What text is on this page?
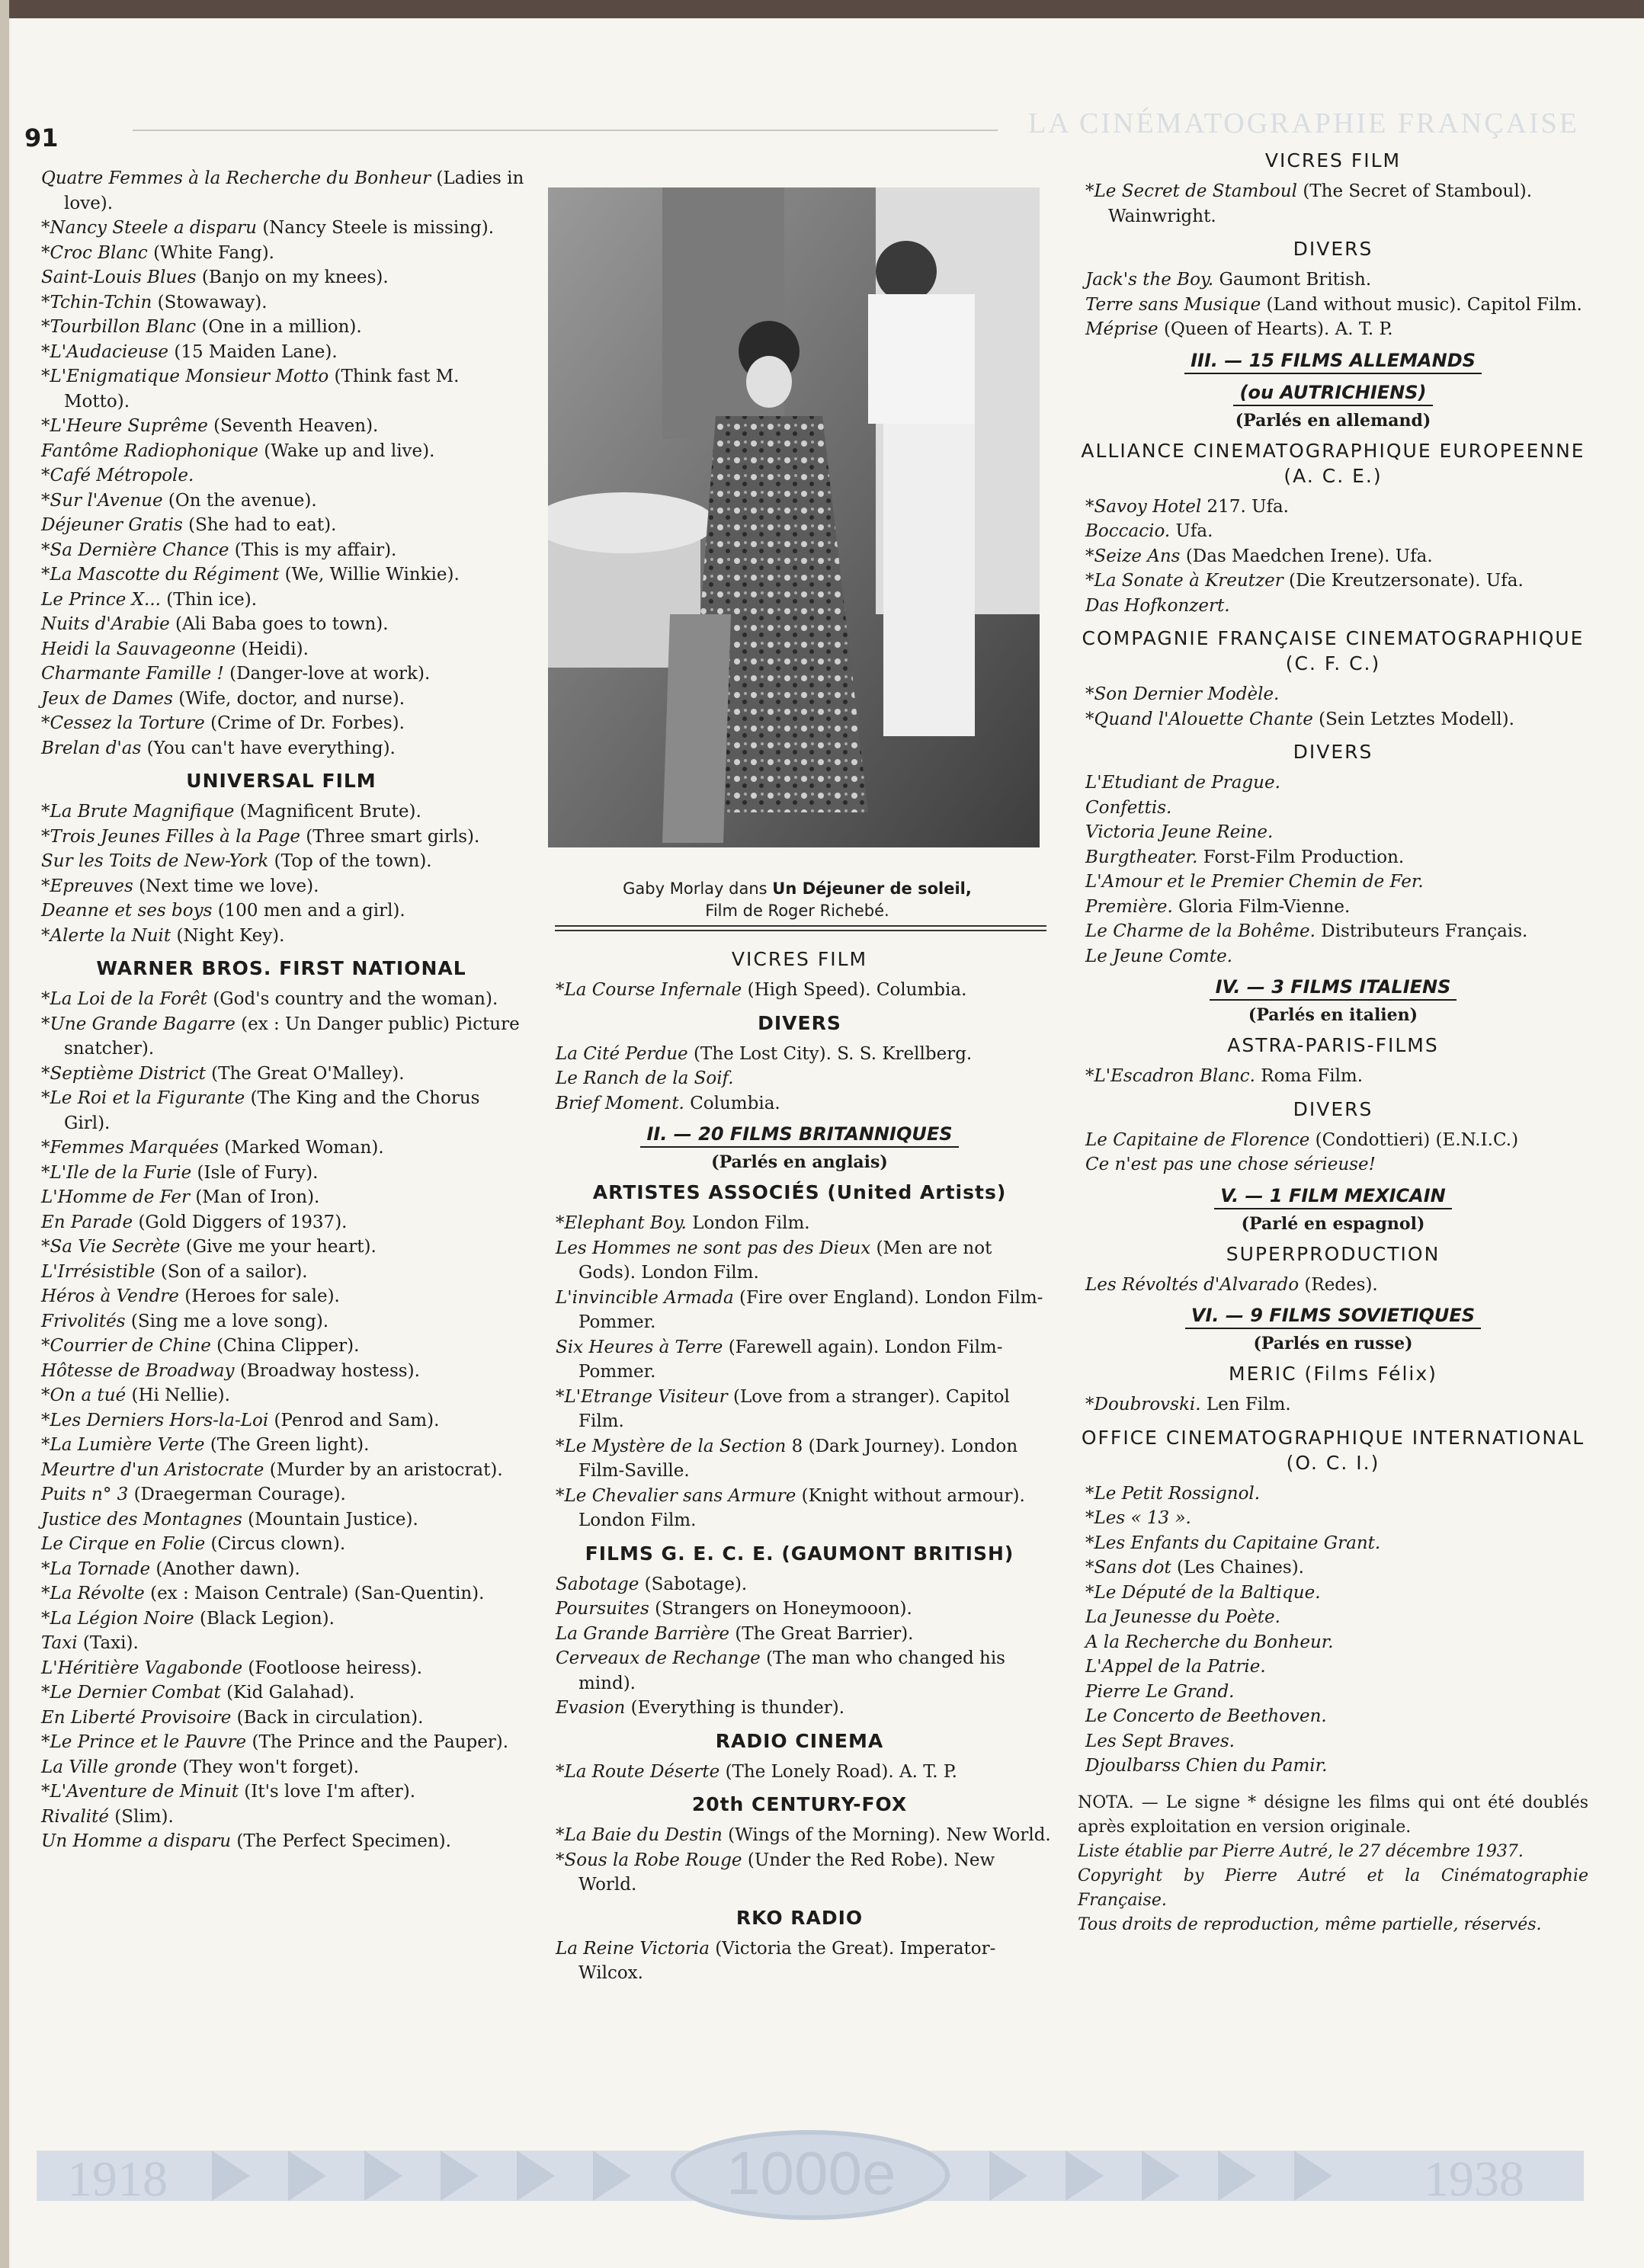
91	LA CINÉMATOGRAPHIE FRANÇAISE

Quatre Femmes à la Recherche du Bonheur (Ladies in love).

*Nancy Steele a disparu (Nancy Steele is missing).

*Croc Blanc (White Fang).

Saint-Louis Blues (Banjo on my knees).

*Tchin-Tchin (Stowaway).

*Tourbillon Blanc (One in a million).

*L'Audacieuse (15 Maiden Lane).

*L'Enigmatique Monsieur Motto (Think fast M. Motto).

*L'Heure Suprême (Seventh Heaven).

Fantôme Radiophonique (Wake up and live).

*Café Métropole.

*Sur l'Avenue (On the avenue).

Déjeuner Gratis (She had to eat).

*Sa Dernière Chance (This is my affair).

*La Mascotte du Régiment (We, Willie Winkie).

Le Prince X... (Thin ice).

Nuits d'Arabie (Ali Baba goes to town).

Heidi la Sauvageonne (Heidi).

Charmante Famille ! (Danger-love at work).

Jeux de Dames (Wife, doctor, and nurse).

*Cessez la Torture (Crime of Dr. Forbes).

Brelan d'as (You can't have everything).

UNIVERSAL FILM

*La Brute Magnifique (Magnificent Brute).

*Trois Jeunes Filles à la Page (Three smart girls).

Sur les Toits de New-York (Top of the town).

*Epreuves (Next time we love).

Deanne et ses boys (100 men and a girl).

*Alerte la Nuit (Night Key).

WARNER BROS. FIRST NATIONAL

*La Loi de la Forêt (God's country and the woman).

*Une Grande Bagarre (ex : Un Danger public) Picture snatcher).

*Septième District (The Great O'Malley).

*Le Roi et la Figurante (The King and the Chorus Girl).

*Femmes Marquées (Marked Woman).

*L'Ile de la Furie (Isle of Fury).

L'Homme de Fer (Man of Iron).

En Parade (Gold Diggers of 1937).

*Sa Vie Secrète (Give me your heart).

L'Irrésistible (Son of a sailor).

Héros à Vendre (Heroes for sale).

Frivolités (Sing me a love song).

*Courrier de Chine (China Clipper).

Hôtesse de Broadway (Broadway hostess).

*On a tué (Hi Nellie).

*Les Derniers Hors-la-Loi (Penrod and Sam).

*La Lumière Verte (The Green light).

Meurtre d'un Aristocrate (Murder by an aristocrat).

Puits n° 3 (Draegerman Courage).

Justice des Montagnes (Mountain Justice).

Le Cirque en Folie (Circus clown).

*La Tornade (Another dawn).

*La Révolte (ex : Maison Centrale) (San-Quentin).

*La Légion Noire (Black Legion).

Taxi (Taxi).

L'Héritière Vagabonde (Footloose heiress).

*Le Dernier Combat (Kid Galahad).

En Liberté Provisoire (Back in circulation).

*Le Prince et le Pauvre (The Prince and the Pauper).

La Ville gronde (They won't forget).

*L'Aventure de Minuit (It's love I'm after).

Rivalité (Slim).

Un Homme a disparu (The Perfect Specimen).

Gaby Morlay dans Un Déjeuner de soleil,
Film de Roger Richebé.
VICRES FILM

*La Course Infernale (High Speed). Columbia.

DIVERS

La Cité Perdue (The Lost City). S. S. Krellberg.

Le Ranch de la Soif.

Brief Moment. Columbia.

II. — 20 FILMS BRITANNIQUES
(Parlés en anglais)
ARTISTES ASSOCIÉS (United Artists)

*Elephant Boy. London Film.

Les Hommes ne sont pas des Dieux (Men are not Gods). London Film.

L'invincible Armada (Fire over England). London Film-Pommer.

Six Heures à Terre (Farewell again). London Film-Pommer.

*L'Etrange Visiteur (Love from a stranger). Capitol Film.

*Le Mystère de la Section 8 (Dark Journey). London Film-Saville.

*Le Chevalier sans Armure (Knight without armour). London Film.

FILMS G. E. C. E. (GAUMONT BRITISH)

Sabotage (Sabotage).

Poursuites (Strangers on Honeymooon).

La Grande Barrière (The Great Barrier).

Cerveaux de Rechange (The man who changed his mind).

Evasion (Everything is thunder).

RADIO CINEMA

*La Route Déserte (The Lonely Road). A. T. P.

20th CENTURY-FOX

*La Baie du Destin (Wings of the Morning). New World.

*Sous la Robe Rouge (Under the Red Robe). New World.

RKO RADIO

La Reine Victoria (Victoria the Great). Imperator-Wilcox.

VICRES FILM

*Le Secret de Stamboul (The Secret of Stamboul). Wainwright.

DIVERS

Jack's the Boy. Gaumont British.

Terre sans Musique (Land without music). Capitol Film.

Méprise (Queen of Hearts). A. T. P.

III. — 15 FILMS ALLEMANDS
(ou AUTRICHIENS)
(Parlés en allemand)
ALLIANCE CINEMATOGRAPHIQUE EUROPEENNE (A. C. E.)

*Savoy Hotel 217. Ufa.

Boccacio. Ufa.

*Seize Ans (Das Maedchen Irene). Ufa.

*La Sonate à Kreutzer (Die Kreutzersonate). Ufa.

Das Hofkonzert.

COMPAGNIE FRANÇAISE CINEMATOGRAPHIQUE (C. F. C.)

*Son Dernier Modèle.

*Quand l'Alouette Chante (Sein Letztes Modell).

DIVERS

L'Etudiant de Prague.

Confettis.

Victoria Jeune Reine.

Burgtheater. Forst-Film Production.

L'Amour et le Premier Chemin de Fer.

Première. Gloria Film-Vienne.

Le Charme de la Bohême. Distributeurs Français.

Le Jeune Comte.

IV. — 3 FILMS ITALIENS
(Parlés en italien)
ASTRA-PARIS-FILMS

*L'Escadron Blanc. Roma Film.

DIVERS

Le Capitaine de Florence (Condottieri) (E.N.I.C.)

Ce n'est pas une chose sérieuse!

V. — 1 FILM MEXICAIN
(Parlé en espagnol)
SUPERPRODUCTION

Les Révoltés d'Alvarado (Redes).

VI. — 9 FILMS SOVIETIQUES
(Parlés en russe)
MERIC (Films Félix)

*Doubrovski. Len Film.

OFFICE CINEMATOGRAPHIQUE INTERNATIONAL (O. C. I.)

*Le Petit Rossignol.

*Les « 13 ».

*Les Enfants du Capitaine Grant.

*Sans dot (Les Chaines).

*Le Député de la Baltique.

La Jeunesse du Poète.

A la Recherche du Bonheur.

L'Appel de la Patrie.

Pierre Le Grand.

Le Concerto de Beethoven.

Les Sept Braves.

Djoulbarss Chien du Pamir.

NOTA. — Le signe * désigne les films qui ont été doublés après exploitation en version originale.

Liste établie par Pierre Autré, le 27 décembre 1937.

Copyright by Pierre Autré et la Cinématographie Française.

Tous droits de reproduction, même partielle, réservés.

1918	1000e	1938
